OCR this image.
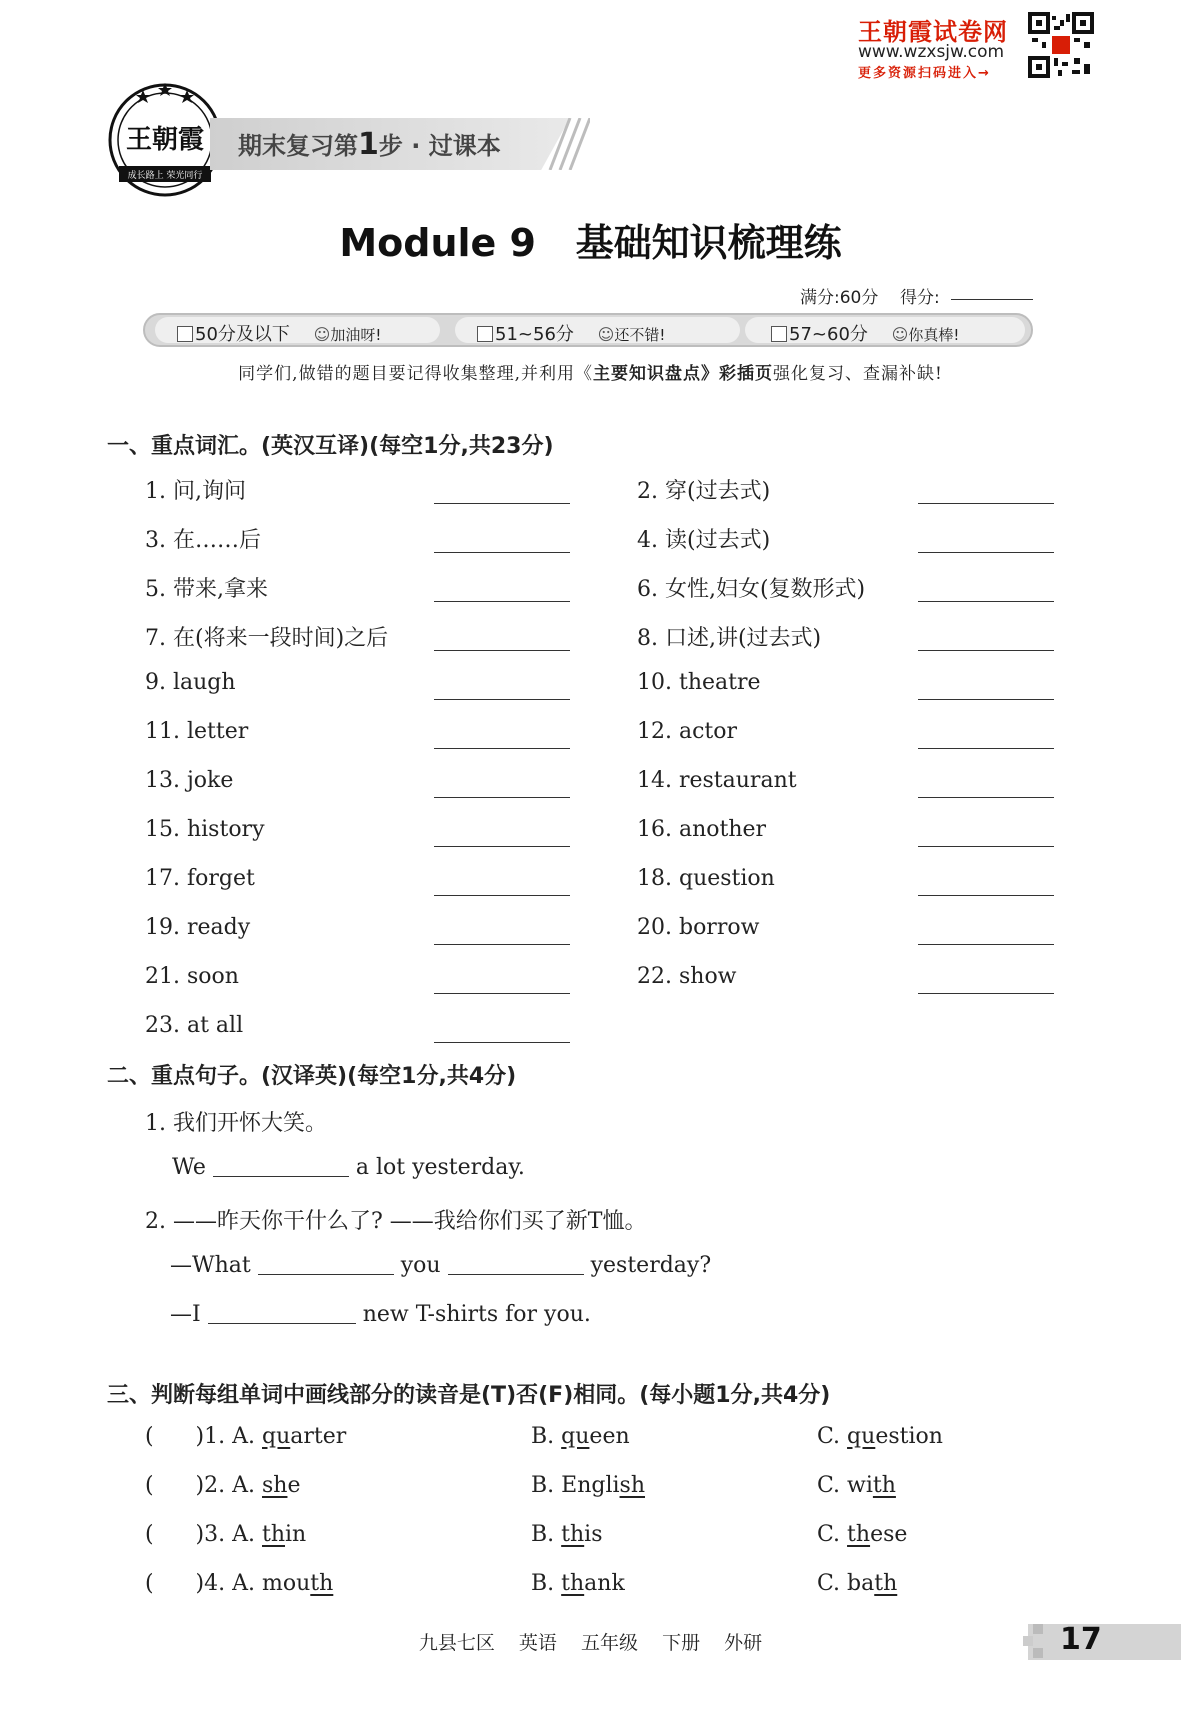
王朝霞试卷网
www.wzxsjw.com
更多资源扫码进入→
王朝霞
成长路上 荣光同行
期末复习第1步 · 过课本
Module 9   基础知识梳理练
满分:60分 得分:
50分及以下 ☺加油呀!	51~56分 ☺还不错!	57~60分 ☺你真棒!
同学们,做错的题目要记得收集整理,并利用《主要知识盘点》彩插页强化复习、查漏补缺!
一、重点词汇。(英汉互译)(每空1分,共23分)
1. 问,询问	2. 穿(过去式)
3. 在……后	4. 读(过去式)
5. 带来,拿来	6. 女性,妇女(复数形式)
7. 在(将来一段时间)之后	8. 口述,讲(过去式)
9. laugh	10. theatre
11. letter	12. actor
13. joke	14. restaurant
15. history	16. another
17. forget	18. question
19. ready	20. borrow
21. soon	22. show
23. at all
二、重点句子。(汉译英)(每空1分,共4分)
1. 我们开怀大笑。
We	a lot yesterday.
2. ——昨天你干什么了? ——我给你们买了新T恤。
—What	you	yesterday?
—I	new T-shirts for you.
三、判断每组单词中画线部分的读音是(T)否(F)相同。(每小题1分,共4分)
(      )1. A. quarter	B. queen	C. question
(      )2. A. she	B. English	C. with
(      )3. A. thin	B. this	C. these
(      )4. A. mouth	B. thank	C. bath
九县七区  英语  五年级  下册  外研	17
